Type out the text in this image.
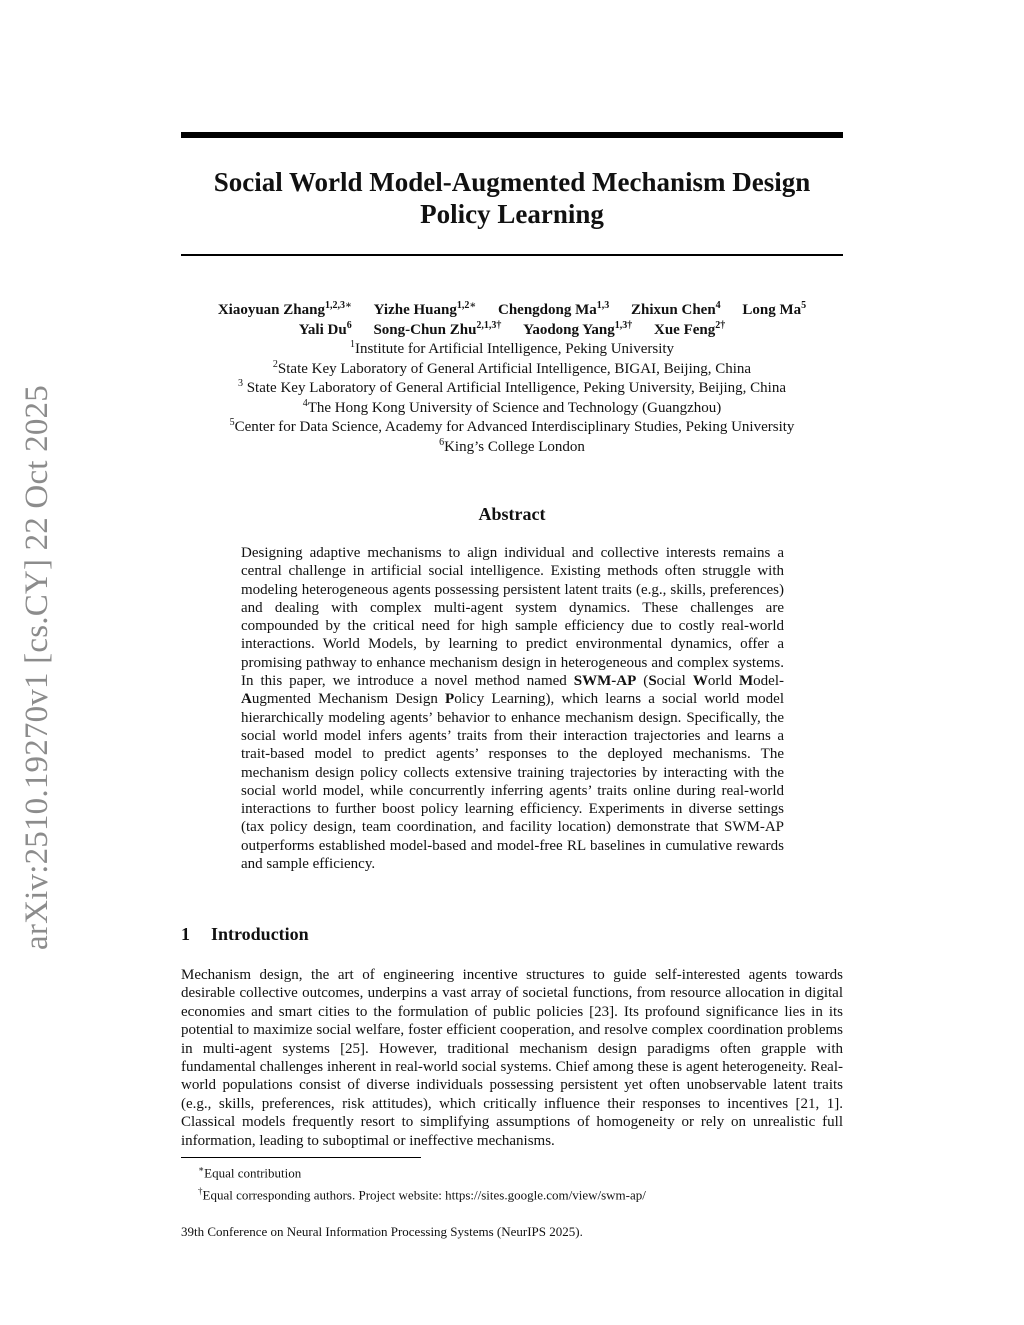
arXiv:2510.19270v1 [cs.CY] 22 Oct 2025
Social World Model-Augmented Mechanism Design
Policy Learning
Xiaoyuan Zhang$^{1,2,3∗}$ Yizhe Huang$^{1,2∗}$ Chengdong Ma$^{1,3}$ Zhixun Chen$^4$ Long Ma$^5$
Yali Du$^6$ Song-Chun Zhu$^{2,1,3\dagger}$ Yaodong Yang$^{1,3\dagger}$ Xue Feng$^{2\dagger}$
$^1$Institute for Artificial Intelligence, Peking University
$^2$State Key Laboratory of General Artificial Intelligence, BIGAI, Beijing, China
$^3$ State Key Laboratory of General Artificial Intelligence, Peking University, Beijing, China
$^4$The Hong Kong University of Science and Technology (Guangzhou)
$^5$Center for Data Science, Academy for Advanced Interdisciplinary Studies, Peking University
$^6$King’s College London
Abstract
Designing adaptive mechanisms to align individual and collective interests remains a central challenge in artificial social intelligence. Existing methods often struggle with modeling heterogeneous agents possessing persistent latent traits (e.g., skills, preferences) and dealing with complex multi-agent system dynamics. These challenges are compounded by the critical need for high sample efficiency due to costly real-world interactions. World Models, by learning to predict environmental dynamics, offer a promising pathway to enhance mechanism design in heterogeneous and complex systems. In this paper, we introduce a novel method named SWM-AP (Social World Model-Augmented Mechanism Design Policy Learning), which learns a social world model hierarchically modeling agents’ behavior to enhance mechanism design. Specifically, the social world model infers agents’ traits from their interaction trajectories and learns a trait-based model to predict agents’ responses to the deployed mechanisms. The mechanism design policy collects extensive training trajectories by interacting with the social world model, while concurrently inferring agents’ traits online during real-world interactions to further boost policy learning efficiency. Experiments in diverse settings (tax policy design, team coordination, and facility location) demonstrate that SWM-AP outperforms established model-based and model-free RL baselines in cumulative rewards and sample efficiency.
1 Introduction
Mechanism design, the art of engineering incentive structures to guide self-interested agents towards desirable collective outcomes, underpins a vast array of societal functions, from resource allocation in digital economies and smart cities to the formulation of public policies [23]. Its profound significance lies in its potential to maximize social welfare, foster efficient cooperation, and resolve complex coordination problems in multi-agent systems [25]. However, traditional mechanism design paradigms often grapple with fundamental challenges inherent in real-world social systems. Chief among these is agent heterogeneity. Real-world populations consist of diverse individuals possessing persistent yet often unobservable latent traits (e.g., skills, preferences, risk attitudes), which critically influence their responses to incentives [21, 1]. Classical models frequently resort to simplifying assumptions of homogeneity or rely on unrealistic full information, leading to suboptimal or ineffective mechanisms.
∗Equal contribution
†Equal corresponding authors. Project website: https://sites.google.com/view/swm-ap/
39th Conference on Neural Information Processing Systems (NeurIPS 2025).
